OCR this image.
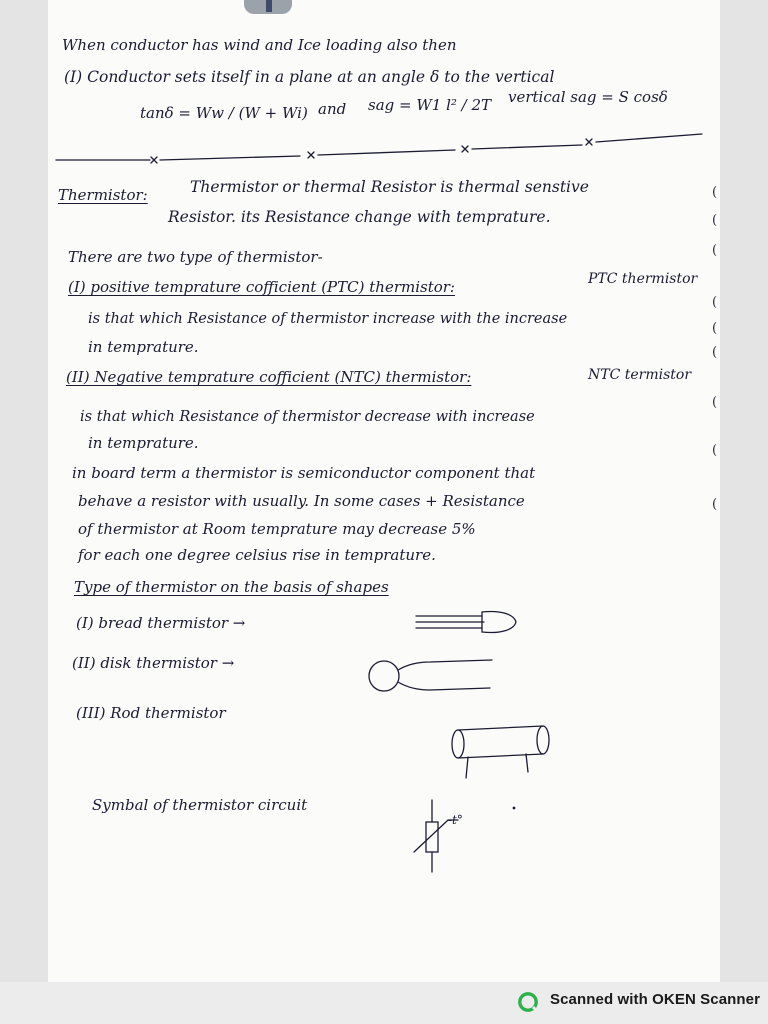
When conductor has wind and Ice loading also then
(I) Conductor sets itself in a plane at an angle δ to the vertical
tanδ = Ww / (W + Wi) and sag = W1 l² / 2T vertical sag = S cosδ
Thermistor:	Thermistor or thermal Resistor is thermal senstive
Resistor. its Resistance change with temprature.
There are two type of thermistor-
(I) positive temprature cofficient (PTC) thermistor:	PTC thermistor
is that which Resistance of thermistor increase with the increase
in temprature.
(II) Negative temprature cofficient (NTC) thermistor:	NTC termistor
is that which Resistance of thermistor decrease with increase
in temprature.
in board term a thermistor is semiconductor component that
behave a resistor with usually. In some cases + Resistance
of thermistor at Room temprature may decrease 5%
for each one degree celsius rise in temprature.
Type of thermistor on the basis of shapes
(I) bread thermistor →
(II) disk thermistor →
(III) Rod thermistor
Symbal of thermistor circuit
-t°
(
(
(
(
(
(
(
(
(
Scanned with OKEN Scanner
